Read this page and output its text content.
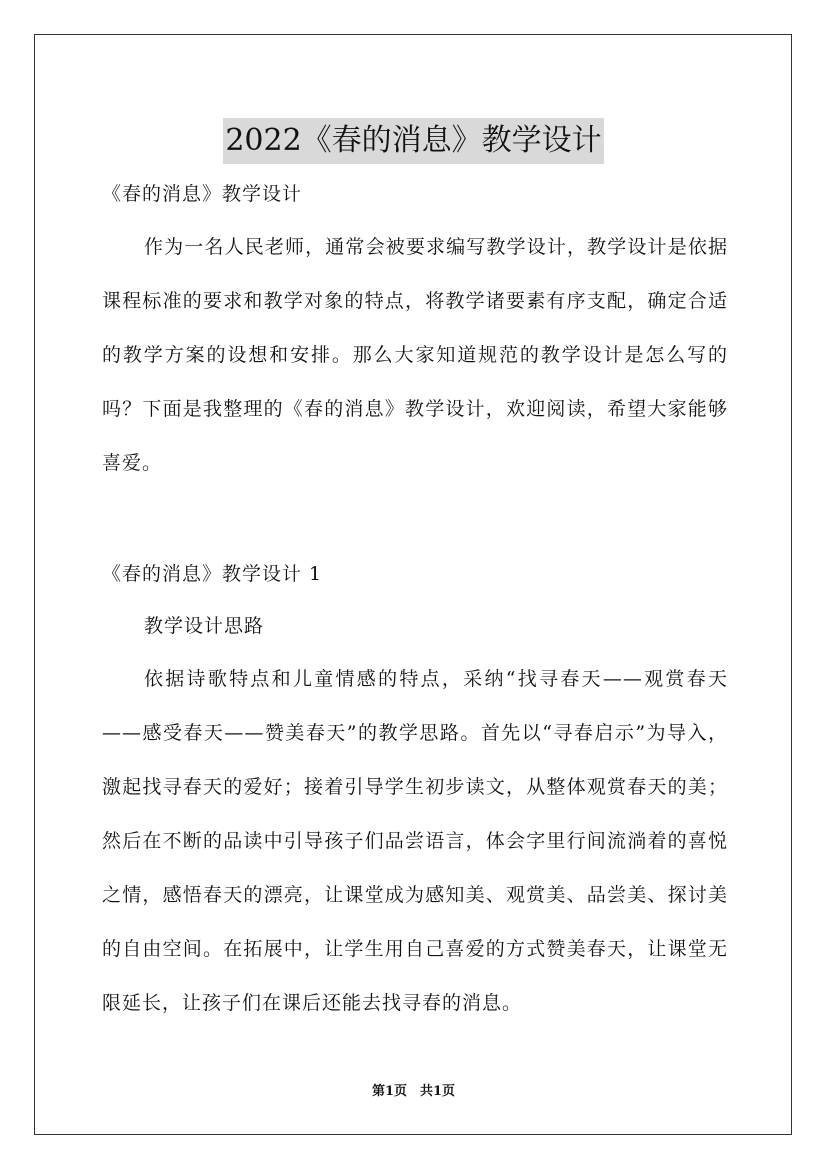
2022《春的消息》教学设计
《春的消息》教学设计
作为一名人民老师，通常会被要求编写教学设计，教学设计是依据课程标准的要求和教学对象的特点，将教学诸要素有序支配，确定合适的教学方案的设想和安排。那么大家知道规范的教学设计是怎么写的吗？下面是我整理的《春的消息》教学设计，欢迎阅读，希望大家能够喜爱。
《春的消息》教学设计 1
教学设计思路
依据诗歌特点和儿童情感的特点，采纳“找寻春天——观赏春天——感受春天——赞美春天”的教学思路。首先以“寻春启示”为导入，激起找寻春天的爱好；接着引导学生初步读文，从整体观赏春天的美；然后在不断的品读中引导孩子们品尝语言，体会字里行间流淌着的喜悦之情，感悟春天的漂亮，让课堂成为感知美、观赏美、品尝美、探讨美的自由空间。在拓展中，让学生用自己喜爱的方式赞美春天，让课堂无限延长，让孩子们在课后还能去找寻春的消息。
第1页　共1页
